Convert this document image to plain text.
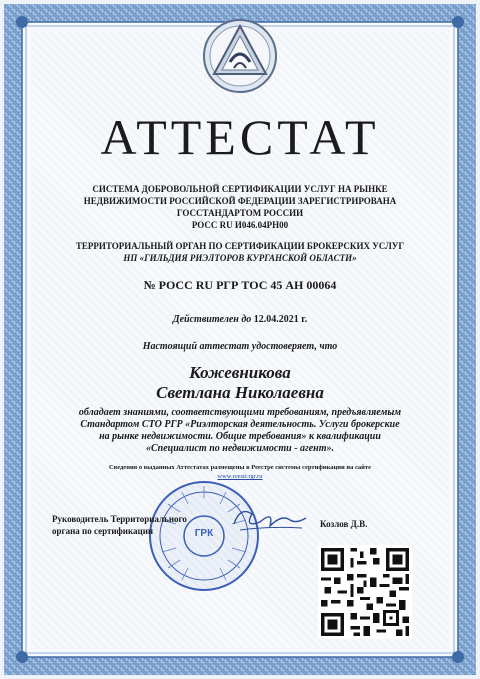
АТТЕСТАТ
СИСТЕМА ДОБРОВОЛЬНОЙ СЕРТИФИКАЦИИ УСЛУГ НА РЫНКЕ
НЕДВИЖИМОСТИ РОССИЙСКОЙ ФЕДЕРАЦИИ ЗАРЕГИСТРИРОВАНА
ГОССТАНДАРТОМ РОССИИ
РОСС RU И046.04РН00
ТЕРРИТОРИАЛЬНЫЙ ОРГАН ПО СЕРТИФИКАЦИИ БРОКЕРСКИХ УСЛУГ
НП «ГИЛЬДИЯ РИЭЛТОРОВ КУРГАНСКОЙ ОБЛАСТИ»
№ РОСС RU РГР ТОС 45 АН 00064
Действителен до 12.04.2021 г.
Настоящий аттестат удостоверяет, что
Кожевникова
Светлана Николаевна
обладает знаниями, соответствующими требованиям, предъявляемым
Стандартом СТО РГР «Риэлторская деятельность. Услуги брокерские
на рынке недвижимости. Общие требования» к квалификации
«Специалист по недвижимости - агент».
Сведения о выданных Аттестатах размещены в Реестре системы сертификации на сайте
www.reestr.rgr.ru
ГРК
Руководитель Территориального
органа по сертификации
Козлов Д.В.
